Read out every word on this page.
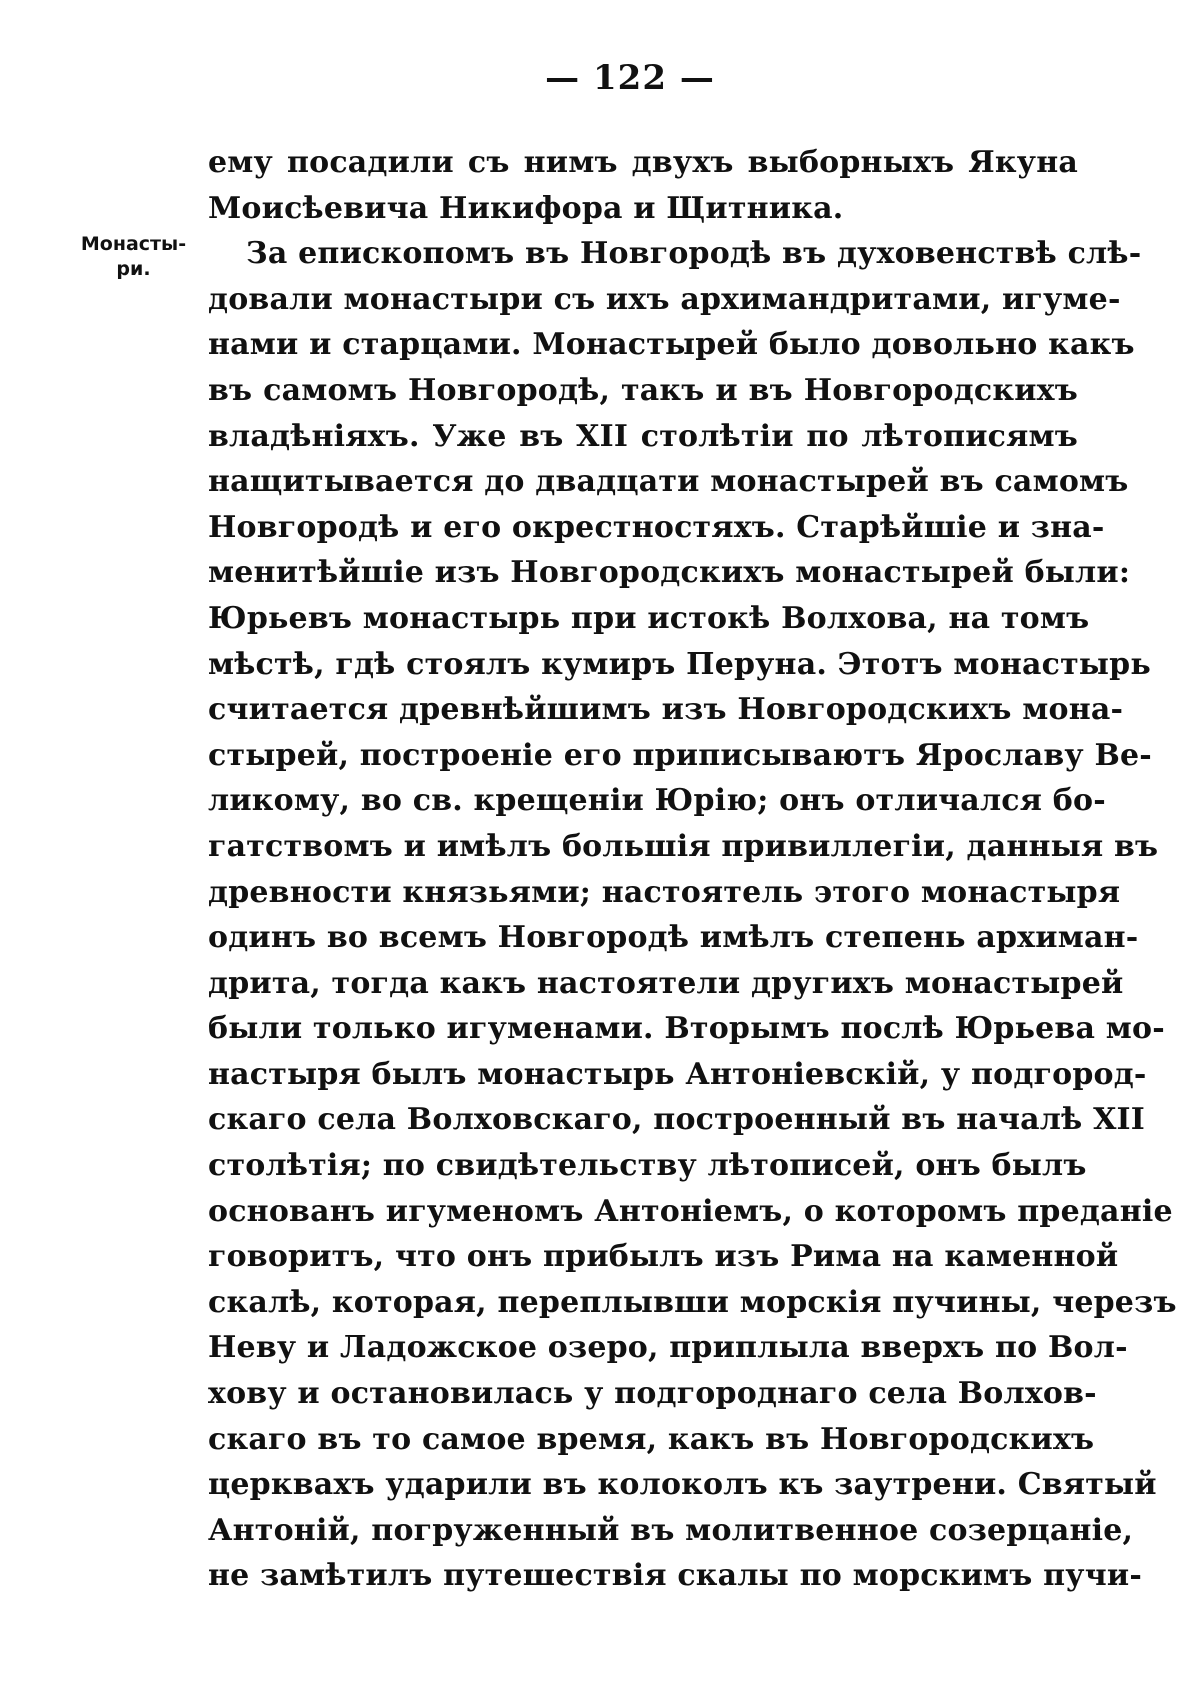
— 122 —
Монасты-
ри.
ему посадили съ нимъ двухъ выборныхъ Якуна
Моисѣевича Никифора и Щитника.
За епископомъ въ Новгородѣ въ духовенствѣ слѣ-
довали монастыри съ ихъ архимандритами, игуме-
нами и старцами. Монастырей было довольно какъ
въ самомъ Новгородѣ, такъ и въ Новгородскихъ
владѣніяхъ. Уже въ XII столѣтіи по лѣтописямъ
нащитывается до двадцати монастырей въ самомъ
Новгородѣ и его окрестностяхъ. Старѣйшіе и зна-
менитѣйшіе изъ Новгородскихъ монастырей были:
Юрьевъ монастырь при истокѣ Волхова, на томъ
мѣстѣ, гдѣ стоялъ кумиръ Перуна. Этотъ монастырь
считается древнѣйшимъ изъ Новгородскихъ мона-
стырей, построеніе его приписываютъ Ярославу Ве-
ликому, во св. крещеніи Юрію; онъ отличался бо-
гатствомъ и имѣлъ большія привиллегіи, данныя въ
древности князьями; настоятель этого монастыря
одинъ во всемъ Новгородѣ имѣлъ степень архиман-
дрита, тогда какъ настоятели другихъ монастырей
были только игуменами. Вторымъ послѣ Юрьева мо-
настыря былъ монастырь Антоніевскій, у подгород-
скаго села Волховскаго, построенный въ началѣ XII
столѣтія; по свидѣтельству лѣтописей, онъ былъ
основанъ игуменомъ Антоніемъ, о которомъ преданіе
говоритъ, что онъ прибылъ изъ Рима на каменной
скалѣ, которая, переплывши морскія пучины, черезъ
Неву и Ладожское озеро, приплыла вверхъ по Вол-
хову и остановилась у подгороднаго села Волхов-
скаго въ то самое время, какъ въ Новгородскихъ
церквахъ ударили въ колоколъ къ заутрени. Святый
Антоній, погруженный въ молитвенное созерцаніе,
не замѣтилъ путешествія скалы по морскимъ пучи-
